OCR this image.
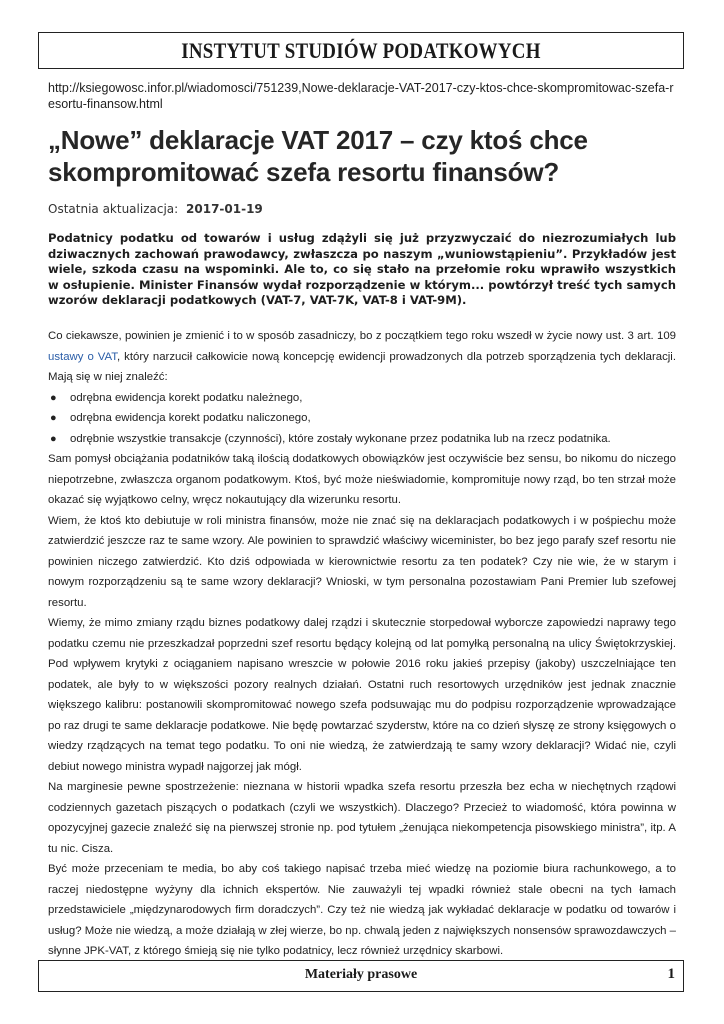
INSTYTUT STUDIÓW PODATKOWYCH
http://ksiegowosc.infor.pl/wiadomosci/751239,Nowe-deklaracje-VAT-2017-czy-ktos-chce-skompromitowac-szefa-resortu-finansow.html
„Nowe” deklaracje VAT 2017 – czy ktoś chce skompromitować szefa resortu finansów?
Ostatnia aktualizacja: 2017-01-19

Podatnicy podatku od towarów i usług zdążyli się już przyzwyczaić do niezrozumiałych lub dziwacznych zachowań prawodawcy, zwłaszcza po naszym „wuniowstąpieniu”. Przykładów jest wiele, szkoda czasu na wspominki. Ale to, co się stało na przełomie roku wprawiło wszystkich w osłupienie. Minister Finansów wydał rozporządzenie w którym... powtórzył treść tych samych wzorów deklaracji podatkowych (VAT-7, VAT-7K, VAT-8 i VAT-9M).

Co ciekawsze, powinien je zmienić i to w sposób zasadniczy, bo z początkiem tego roku wszedł w życie nowy ust. 3 art. 109 ustawy o VAT, który narzucił całkowicie nową koncepcję ewidencji prowadzonych dla potrzeb sporządzenia tych deklaracji. Mają się w niej znaleźć:

● odrębna ewidencja korekt podatku należnego,
● odrębna ewidencja korekt podatku naliczonego,
● odrębnie wszystkie transakcje (czynności), które zostały wykonane przez podatnika lub na rzecz podatnika.

Sam pomysł obciążania podatników taką ilością dodatkowych obowiązków jest oczywiście bez sensu, bo nikomu do niczego niepotrzebne, zwłaszcza organom podatkowym. Ktoś, być może nieświadomie, kompromituje nowy rząd, bo ten strzał może okazać się wyjątkowo celny, wręcz nokautujący dla wizerunku resortu.

Wiem, że ktoś kto debiutuje w roli ministra finansów, może nie znać się na deklaracjach podatkowych i w pośpiechu może zatwierdzić jeszcze raz te same wzory. Ale powinien to sprawdzić właściwy wiceminister, bo bez jego parafy szef resortu nie powinien niczego zatwierdzić. Kto dziś odpowiada w kierownictwie resortu za ten podatek? Czy nie wie, że w starym i nowym rozporządzeniu są te same wzory deklaracji? Wnioski, w tym personalna pozostawiam Pani Premier lub szefowej resortu.

Wiemy, że mimo zmiany rządu biznes podatkowy dalej rządzi i skutecznie storpedował wyborcze zapowiedzi naprawy tego podatku czemu nie przeszkadzał poprzedni szef resortu będący kolejną od lat pomyłką personalną na ulicy Świętokrzyskiej. Pod wpływem krytyki z ociąganiem napisano wreszcie w połowie 2016 roku jakieś przepisy (jakoby) uszczelniające ten podatek, ale były to w większości pozory realnych działań. Ostatni ruch resortowych urzędników jest jednak znacznie większego kalibru: postanowili skompromitować nowego szefa podsuwając mu do podpisu rozporządzenie wprowadzające po raz drugi te same deklaracje podatkowe. Nie będę powtarzać szyderstw, które na co dzień słyszę ze strony księgowych o wiedzy rządzących na temat tego podatku. To oni nie wiedzą, że zatwierdzają te samy wzory deklaracji? Widać nie, czyli debiut nowego ministra wypadł najgorzej jak mógł.

Na marginesie pewne spostrzeżenie: nieznana w historii wpadka szefa resortu przeszła bez echa w niechętnych rządowi codziennych gazetach piszących o podatkach (czyli we wszystkich). Dlaczego? Przecież to wiadomość, która powinna w opozycyjnej gazecie znaleźć się na pierwszej stronie np. pod tytułem „żenująca niekompetencja pisowskiego ministra”, itp. A tu nic. Cisza.

Być może przeceniam te media, bo aby coś takiego napisać trzeba mieć wiedzę na poziomie biura rachunkowego, a to raczej niedostępne wyżyny dla ichnich ekspertów. Nie zauważyli tej wpadki również stale obecni na tych łamach przedstawiciele „międzynarodowych firm doradczych”. Czy też nie wiedzą jak wykładać deklaracje w podatku od towarów i usług? Może nie wiedzą, a może działają w złej wierze, bo np. chwalą jeden z największych nonsensów sprawozdawczych – słynne JPK-VAT, z którego śmieją się nie tylko podatnicy, lecz również urzędnicy skarbowi.

Materiały prasowe	1
